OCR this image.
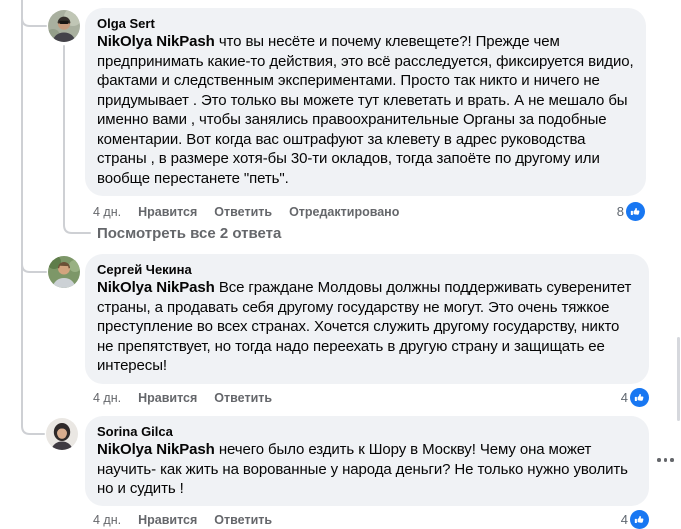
Olga Sert
NikOlya NikPash что вы несёте и почему клевещете?! Прежде чем предпринимать какие-то действия, это всё расследуется, фиксируется видио, фактами и следственным экспериментами. Просто так никто и ничего не придумывает . Это только вы можете тут клеветать и врать. А не мешало бы именно вами , чтобы занялись правоохранительные Органы за подобные коментарии. Вот когда вас оштрафуют за клевету в адрес руководства страны , в размере хотя-бы 30-ти окладов, тогда запоёте по другому или вообще перестанете "петь".
4 дн. Нравится Ответить Отредактировано	8
Посмотреть все 2 ответа
Сергей Чекина
NikOlya NikPash Все граждане Молдовы должны поддерживать суверенитет страны, а продавать себя другому государству не могут. Это очень тяжкое преступление во всех странах. Хочется служить другому государству, никто не препятствует, но тогда надо переехать в другую страну и защищать ее интересы!
4 дн. Нравится Ответить	4
Sorina Gilca
NikOlya NikPash нечего было ездить к Шору в Москву! Чему она может научить- как жить на ворованные у народа деньги? Не только нужно уволить но и судить !
4 дн. Нравится Ответить	4
